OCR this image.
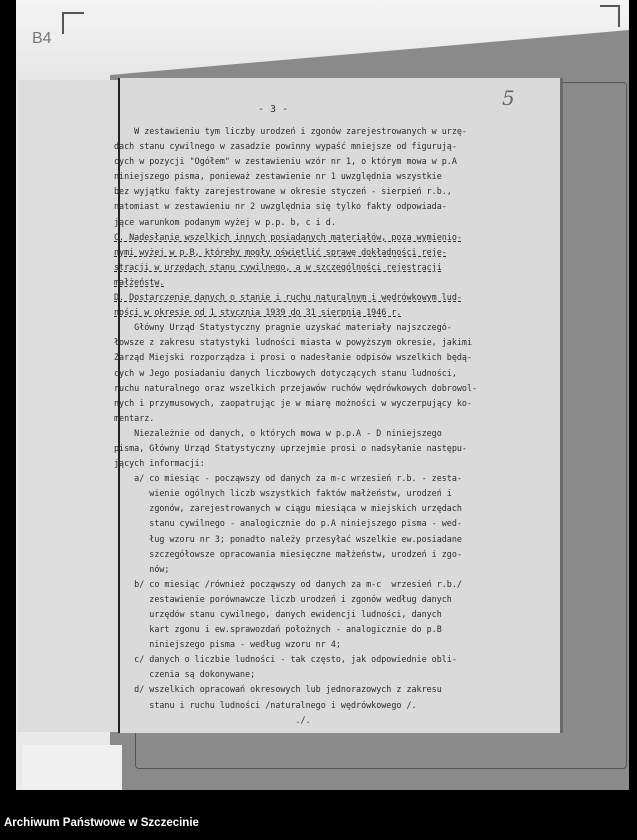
B4
- 3 -	5
W zestawieniu tym liczby urodzeń i zgonów zarejestrowanych w urzę-
dach stanu cywilnego w zasadzie powinny wypaść mniejsze od figurują-
cych w pozycji "Ogółem" w zestawieniu wzór nr 1, o którym mowa w p.A
niniejszego pisma, ponieważ zestawienie nr 1 uwzględnia wszystkie
bez wyjątku fakty zarejestrowane w okresie styczeń - sierpień r.b.,
natomiast w zestawieniu nr 2 uwzględnia się tylko fakty odpowiada-
jące warunkom podanym wyżej w p.p. b, c i d.
C. Nadesłanie wszelkich innych posiadanych materiałów, poza wymienio-
nymi wyżej w p.B, któreby mogły oświetlić sprawę dokładności reje-
stracji w urzędach stanu cywilnego, a w szczególności rejestracji
małżeństw.
D. Dostarczenie danych o stanie i ruchu naturalnym i wędrówkowym lud-
ności w okresie od 1 stycznia 1939 do 31 sierpnia 1946 r.
Główny Urząd Statystyczny pragnie uzyskać materiały najszczegó-
łowsze z zakresu statystyki ludności miasta w powyższym okresie, jakimi
Zarząd Miejski rozporządza i prosi o nadesłanie odpisów wszelkich będą-
cych w Jego posiadaniu danych liczbowych dotyczących stanu ludności,
ruchu naturalnego oraz wszelkich przejawów ruchów wędrówkowych dobrowol-
nych i przymusowych, zaopatrując je w miarę możności w wyczerpujący ko-
mentarz.
Niezależnie od danych, o których mowa w p.p.A - D niniejszego
pisma, Główny Urząd Statystyczny uprzejmie prosi o nadsyłanie następu-
jących informacji:
a/ co miesiąc - począwszy od danych za m-c wrzesień r.b. - zesta-
wienie ogólnych liczb wszystkich faktów małżeństw, urodzeń i
zgonów, zarejestrowanych w ciągu miesiąca w miejskich urzędach
stanu cywilnego - analogicznie do p.A niniejszego pisma - wed-
ług wzoru nr 3; ponadto należy przesyłać wszelkie ew.posiadane
szczegółowsze opracowania miesięczne małżeństw, urodzeń i zgo-
nów;
b/ co miesiąc /również począwszy od danych za m-c  wrzesień r.b./
zestawienie porównawcze liczb urodzeń i zgonów według danych
urzędów stanu cywilnego, danych ewidencji ludności, danych
kart zgonu i ew.sprawozdań położnych - analogicznie do p.B
niniejszego pisma - według wzoru nr 4;
c/ danych o liczbie ludności - tak często, jak odpowiednie obli-
czenia są dokonywane;
d/ wszelkich opracowań okresowych lub jednorazowych z zakresu
stanu i ruchu ludności /naturalnego i wędrówkowego /.
./.
Archiwum Państwowe w Szczecinie
